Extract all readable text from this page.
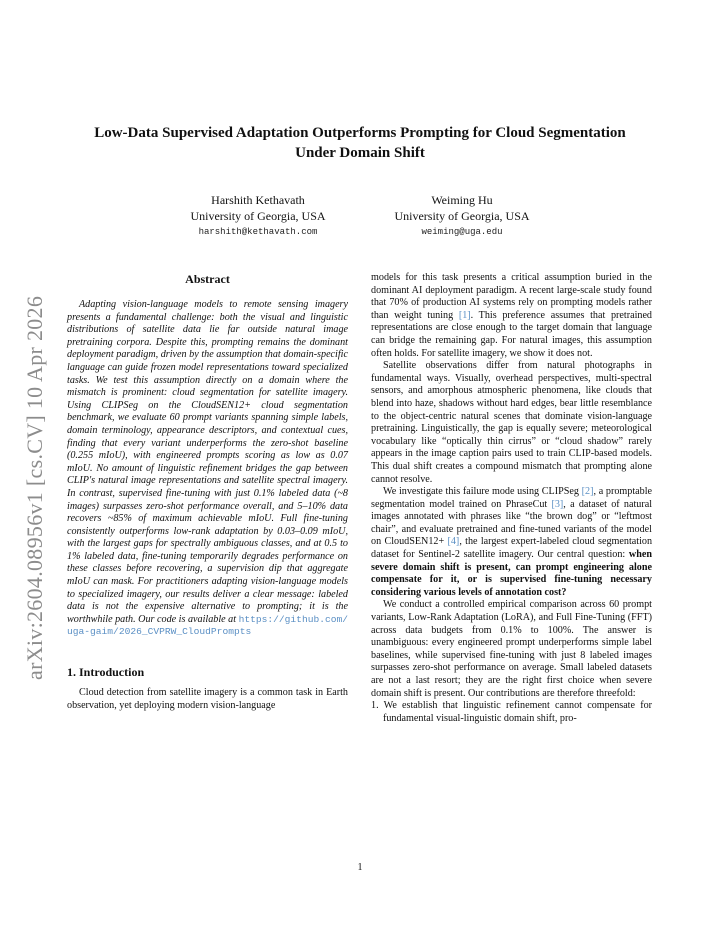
arXiv:2604.08956v1 [cs.CV] 10 Apr 2026
Low-Data Supervised Adaptation Outperforms Prompting for Cloud Segmentation Under Domain Shift
Harshith Kethavath
University of Georgia, USA
harshith@kethavath.com
Weiming Hu
University of Georgia, USA
weiming@uga.edu
Abstract

Adapting vision-language models to remote sensing imagery presents a fundamental challenge: both the visual and linguistic distributions of satellite data lie far outside natural image pretraining corpora. Despite this, prompting remains the dominant deployment paradigm, driven by the assumption that domain-specific language can guide frozen model representations toward specialized tasks. We test this assumption directly on a domain where the mismatch is prominent: cloud segmentation for satellite imagery. Using CLIPSeg on the CloudSEN12+ cloud segmentation benchmark, we evaluate 60 prompt variants spanning simple labels, domain terminology, appearance descriptors, and contextual cues, finding that every variant underperforms the zero-shot baseline (0.255 mIoU), with engineered prompts scoring as low as 0.07 mIoU. No amount of linguistic refinement bridges the gap between CLIP's natural image representations and satellite spectral imagery. In contrast, supervised fine-tuning with just 0.1% labeled data (~8 images) surpasses zero-shot performance overall, and 5–10% data recovers ~85% of maximum achievable mIoU. Full fine-tuning consistently outperforms low-rank adaptation by 0.03–0.09 mIoU, with the largest gaps for spectrally ambiguous classes, and at 0.5 to 1% labeled data, fine-tuning temporarily degrades performance on these classes before recovering, a supervision dip that aggregate mIoU can mask. For practitioners adapting vision-language models to specialized imagery, our results deliver a clear message: labeled data is not the expensive alternative to prompting; it is the worthwhile path. Our code is available at https://github.com/uga-gaim/2026_CVPRW_CloudPrompts

1. Introduction

Cloud detection from satellite imagery is a common task in Earth observation, yet deploying modern vision-language

models for this task presents a critical assumption buried in the dominant AI deployment paradigm. A recent large-scale study found that 70% of production AI systems rely on prompting models rather than weight tuning [1]. This preference assumes that pretrained representations are close enough to the target domain that language can bridge the remaining gap. For natural images, this assumption often holds. For satellite imagery, we show it does not.

Satellite observations differ from natural photographs in fundamental ways. Visually, overhead perspectives, multi-spectral sensors, and amorphous atmospheric phenomena, like clouds that blend into haze, shadows without hard edges, bear little resemblance to the object-centric natural scenes that dominate vision-language pretraining. Linguistically, the gap is equally severe; meteorological vocabulary like “optically thin cirrus” or “cloud shadow” rarely appears in the image caption pairs used to train CLIP-based models. This dual shift creates a compound mismatch that prompting alone cannot resolve.

We investigate this failure mode using CLIPSeg [2], a promptable segmentation model trained on PhraseCut [3], a dataset of natural images annotated with phrases like “the brown dog” or “leftmost chair”, and evaluate pretrained and fine-tuned variants of the model on CloudSEN12+ [4], the largest expert-labeled cloud segmentation dataset for Sentinel-2 satellite imagery. Our central question: when severe domain shift is present, can prompt engineering alone compensate for it, or is supervised fine-tuning necessary considering various levels of annotation cost?

We conduct a controlled empirical comparison across 60 prompt variants, Low-Rank Adaptation (LoRA), and Full Fine-Tuning (FFT) across data budgets from 0.1% to 100%. The answer is unambiguous: every engineered prompt underperforms simple label baselines, while supervised fine-tuning with just 8 labeled images surpasses zero-shot performance on average. Small labeled datasets are not a last resort; they are the right first choice when severe domain shift is present. Our contributions are therefore threefold:

1. We establish that linguistic refinement cannot compensate for fundamental visual-linguistic domain shift, pro-

1
